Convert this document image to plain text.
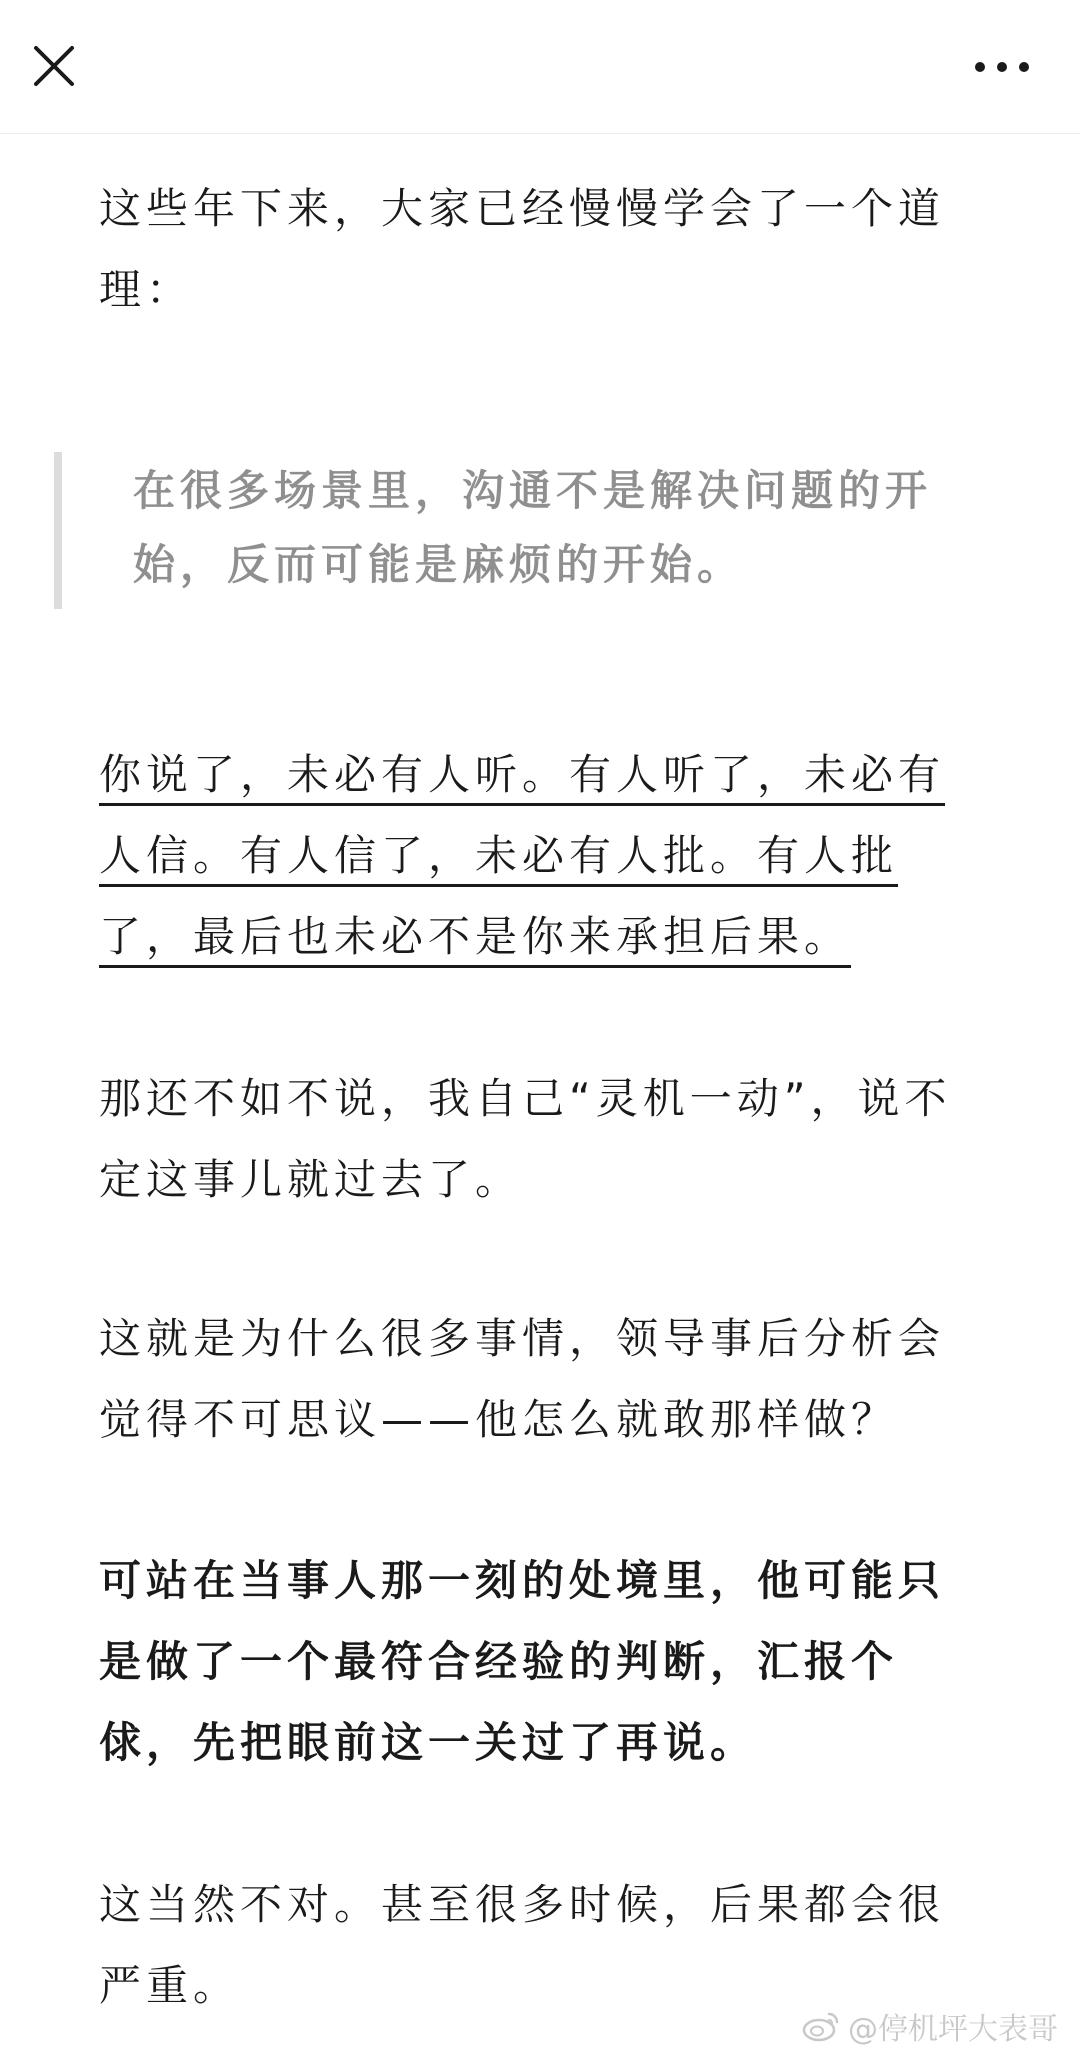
这些年下来，大家已经慢慢学会了一个道理：

在很多场景里，沟通不是解决问题的开始，反而可能是麻烦的开始。

你说了，未必有人听。有人听了，未必有人信。有人信了，未必有人批。有人批了，最后也未必不是你来承担后果。

那还不如不说，我自己“灵机一动”，说不定这事儿就过去了。

这就是为什么很多事情，领导事后分析会觉得不可思议——他怎么就敢那样做？

可站在当事人那一刻的处境里，他可能只是做了一个最符合经验的判断，汇报个俅，先把眼前这一关过了再说。

这当然不对。甚至很多时候，后果都会很严重。

@停机坪大表哥
